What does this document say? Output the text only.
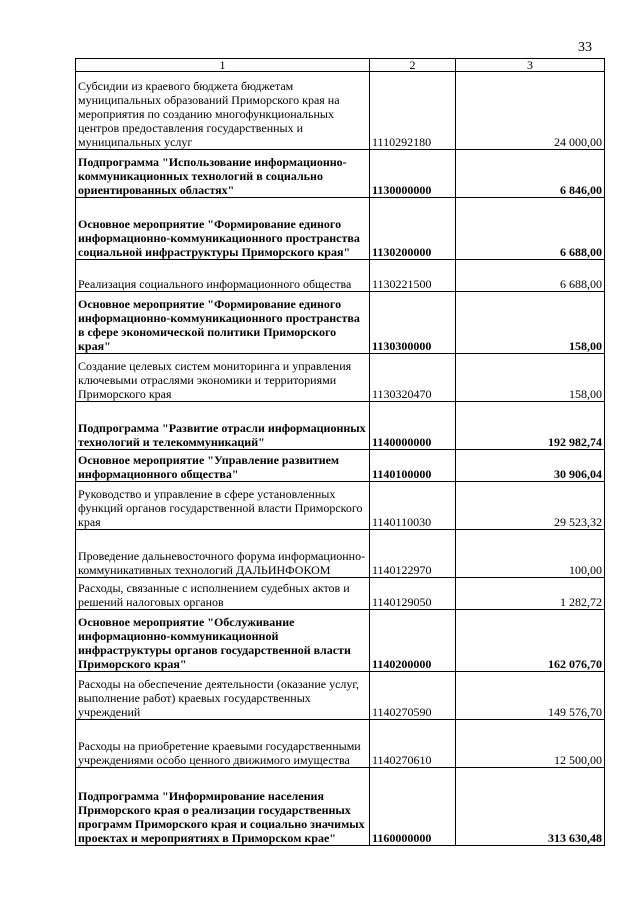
33
1	2	3
Субсидии из краевого бюджета бюджетам муниципальных образований Приморского края на мероприятия по созданию многофункциональных центров предоставления государственных и муниципальных услуг	1110292180	24 000,00
Подпрограмма "Использование информационно-коммуникационных технологий в социально ориентированных областях"	1130000000	6 846,00
Основное мероприятие "Формирование единого информационно-коммуникационного пространства социальной инфраструктуры Приморского края"	1130200000	6 688,00
Реализация социального информационного общества	1130221500	6 688,00
Основное мероприятие "Формирование единого информационно-коммуникационного пространства в сфере экономической политики Приморского края"	1130300000	158,00
Создание целевых систем мониторинга и управления ключевыми отраслями экономики и территориями Приморского края	1130320470	158,00
Подпрограмма "Развитие отрасли информационных технологий и телекоммуникаций"	1140000000	192 982,74
Основное мероприятие "Управление развитием информационного общества"	1140100000	30 906,04
Руководство и управление в сфере установленных функций органов государственной власти Приморского края	1140110030	29 523,32
Проведение дальневосточного форума информационно-коммуникативных технологий ДАЛЬИНФОКОМ	1140122970	100,00
Расходы, связанные с исполнением судебных актов и решений налоговых органов	1140129050	1 282,72
Основное мероприятие "Обслуживание информационно-коммуникационной инфраструктуры органов государственной власти Приморского края"	1140200000	162 076,70
Расходы на обеспечение деятельности (оказание услуг, выполнение работ) краевых государственных учреждений	1140270590	149 576,70
Расходы на приобретение краевыми государственными учреждениями особо ценного движимого имущества	1140270610	12 500,00
Подпрограмма "Информирование населения Приморского края о реализации государственных программ Приморского края и социально значимых проектах и мероприятиях в Приморском крае"	1160000000	313 630,48
